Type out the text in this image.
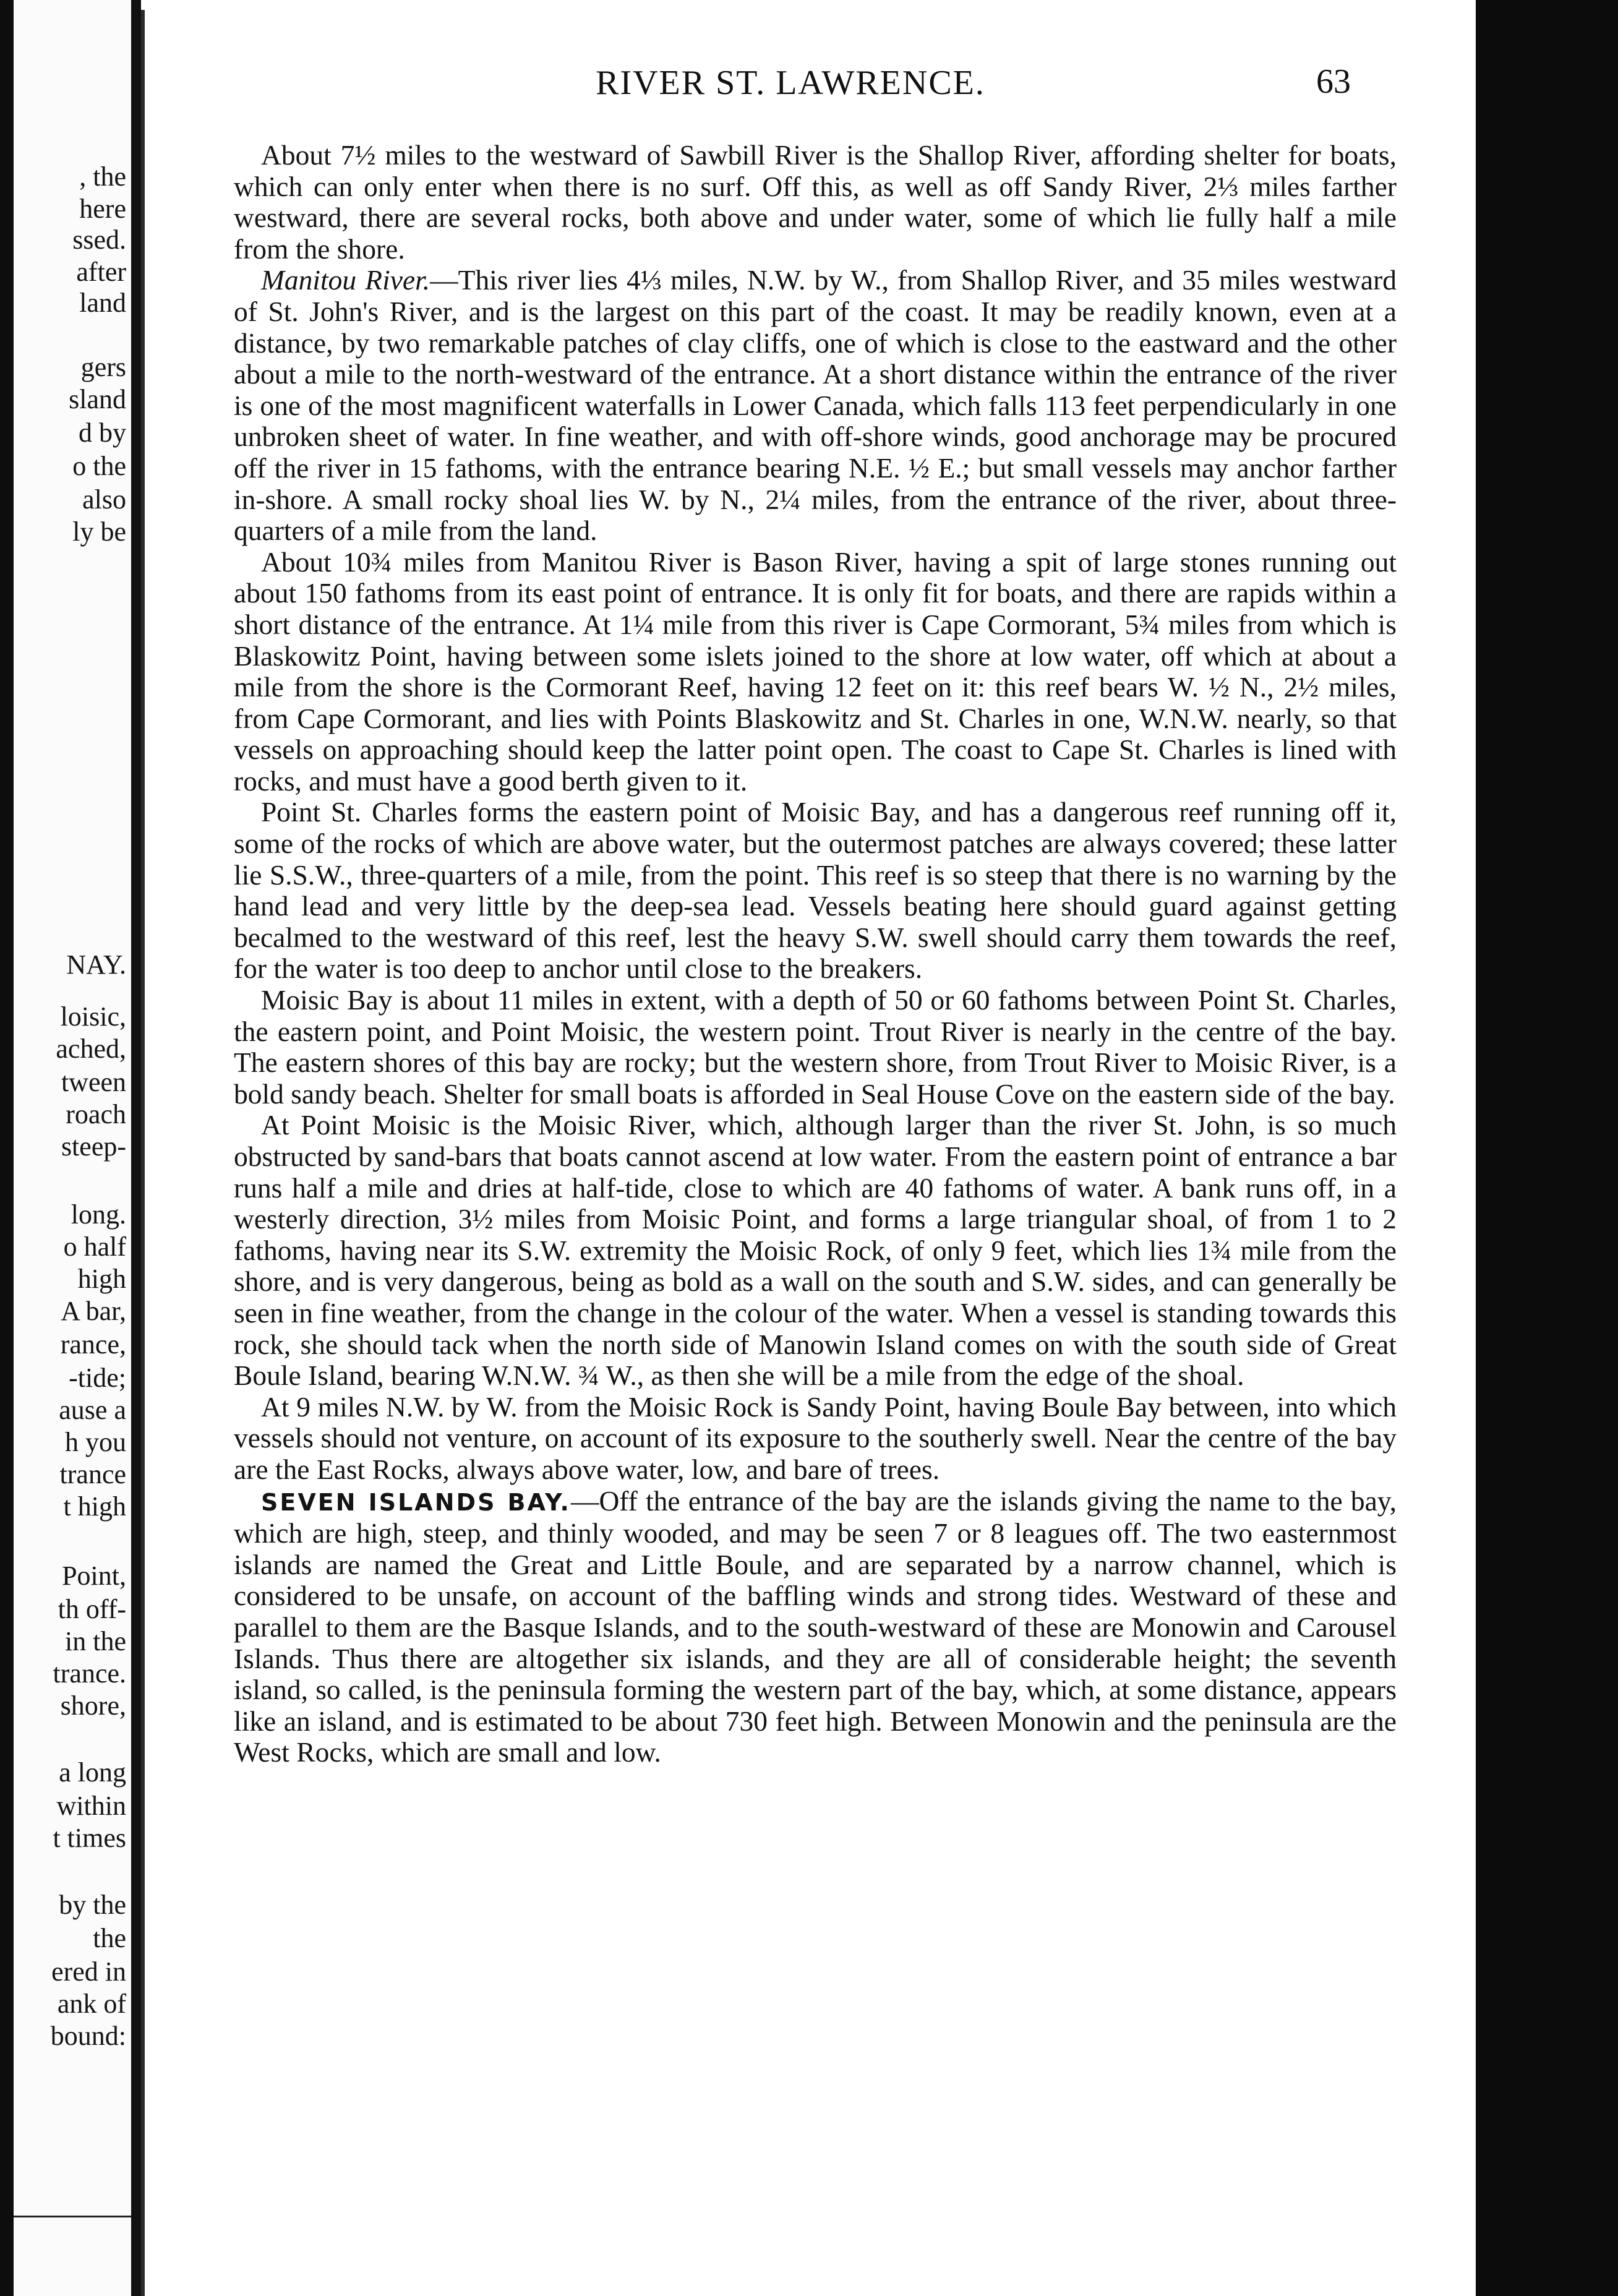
, the
here
ssed.
after
land
gers
sland
d by
o the
also
ly be
NAY.
loisic,
ached,
tween
roach
steep-
long.
o half
high
A bar,
rance,
-tide;
ause a
h you
trance
t high
Point,
th off-
in the
trance.
shore,
a long
within
t times
by the
the
ered in
ank of
bound:
RIVER ST. LAWRENCE.	63

About 7½ miles to the westward of Sawbill River is the Shallop River, affording shelter for boats, which can only enter when there is no surf. Off this, as well as off Sandy River, 2⅓ miles farther westward, there are several rocks, both above and under water, some of which lie fully half a mile from the shore.

Manitou River.—This river lies 4⅓ miles, N.W. by W., from Shallop River, and 35 miles westward of St. John's River, and is the largest on this part of the coast. It may be readily known, even at a distance, by two remarkable patches of clay cliffs, one of which is close to the eastward and the other about a mile to the north-westward of the entrance. At a short distance within the entrance of the river is one of the most magnificent waterfalls in Lower Canada, which falls 113 feet perpendicularly in one unbroken sheet of water. In fine weather, and with off-shore winds, good anchorage may be procured off the river in 15 fathoms, with the entrance bearing N.E. ½ E.; but small vessels may anchor farther in-shore. A small rocky shoal lies W. by N., 2¼ miles, from the entrance of the river, about three-quarters of a mile from the land.

About 10¾ miles from Manitou River is Bason River, having a spit of large stones running out about 150 fathoms from its east point of entrance. It is only fit for boats, and there are rapids within a short distance of the entrance. At 1¼ mile from this river is Cape Cormorant, 5¾ miles from which is Blaskowitz Point, having between some islets joined to the shore at low water, off which at about a mile from the shore is the Cormorant Reef, having 12 feet on it: this reef bears W. ½ N., 2½ miles, from Cape Cormorant, and lies with Points Blaskowitz and St. Charles in one, W.N.W. nearly, so that vessels on approaching should keep the latter point open. The coast to Cape St. Charles is lined with rocks, and must have a good berth given to it.

Point St. Charles forms the eastern point of Moisic Bay, and has a dangerous reef running off it, some of the rocks of which are above water, but the outermost patches are always covered; these latter lie S.S.W., three-quarters of a mile, from the point. This reef is so steep that there is no warning by the hand lead and very little by the deep-sea lead. Vessels beating here should guard against getting becalmed to the westward of this reef, lest the heavy S.W. swell should carry them towards the reef, for the water is too deep to anchor until close to the breakers.

Moisic Bay is about 11 miles in extent, with a depth of 50 or 60 fathoms between Point St. Charles, the eastern point, and Point Moisic, the western point. Trout River is nearly in the centre of the bay. The eastern shores of this bay are rocky; but the western shore, from Trout River to Moisic River, is a bold sandy beach. Shelter for small boats is afforded in Seal House Cove on the eastern side of the bay.

At Point Moisic is the Moisic River, which, although larger than the river St. John, is so much obstructed by sand-bars that boats cannot ascend at low water. From the eastern point of entrance a bar runs half a mile and dries at half-tide, close to which are 40 fathoms of water. A bank runs off, in a westerly direction, 3½ miles from Moisic Point, and forms a large triangular shoal, of from 1 to 2 fathoms, having near its S.W. extremity the Moisic Rock, of only 9 feet, which lies 1¾ mile from the shore, and is very dangerous, being as bold as a wall on the south and S.W. sides, and can generally be seen in fine weather, from the change in the colour of the water. When a vessel is standing towards this rock, she should tack when the north side of Manowin Island comes on with the south side of Great Boule Island, bearing W.N.W. ¾ W., as then she will be a mile from the edge of the shoal.

At 9 miles N.W. by W. from the Moisic Rock is Sandy Point, having Boule Bay between, into which vessels should not venture, on account of its exposure to the southerly swell. Near the centre of the bay are the East Rocks, always above water, low, and bare of trees.

SEVEN ISLANDS BAY.—Off the entrance of the bay are the islands giving the name to the bay, which are high, steep, and thinly wooded, and may be seen 7 or 8 leagues off. The two easternmost islands are named the Great and Little Boule, and are separated by a narrow channel, which is considered to be unsafe, on account of the baffling winds and strong tides. Westward of these and parallel to them are the Basque Islands, and to the south-westward of these are Monowin and Carousel Islands. Thus there are altogether six islands, and they are all of considerable height; the seventh island, so called, is the peninsula forming the western part of the bay, which, at some distance, appears like an island, and is estimated to be about 730 feet high. Between Monowin and the peninsula are the West Rocks, which are small and low.
